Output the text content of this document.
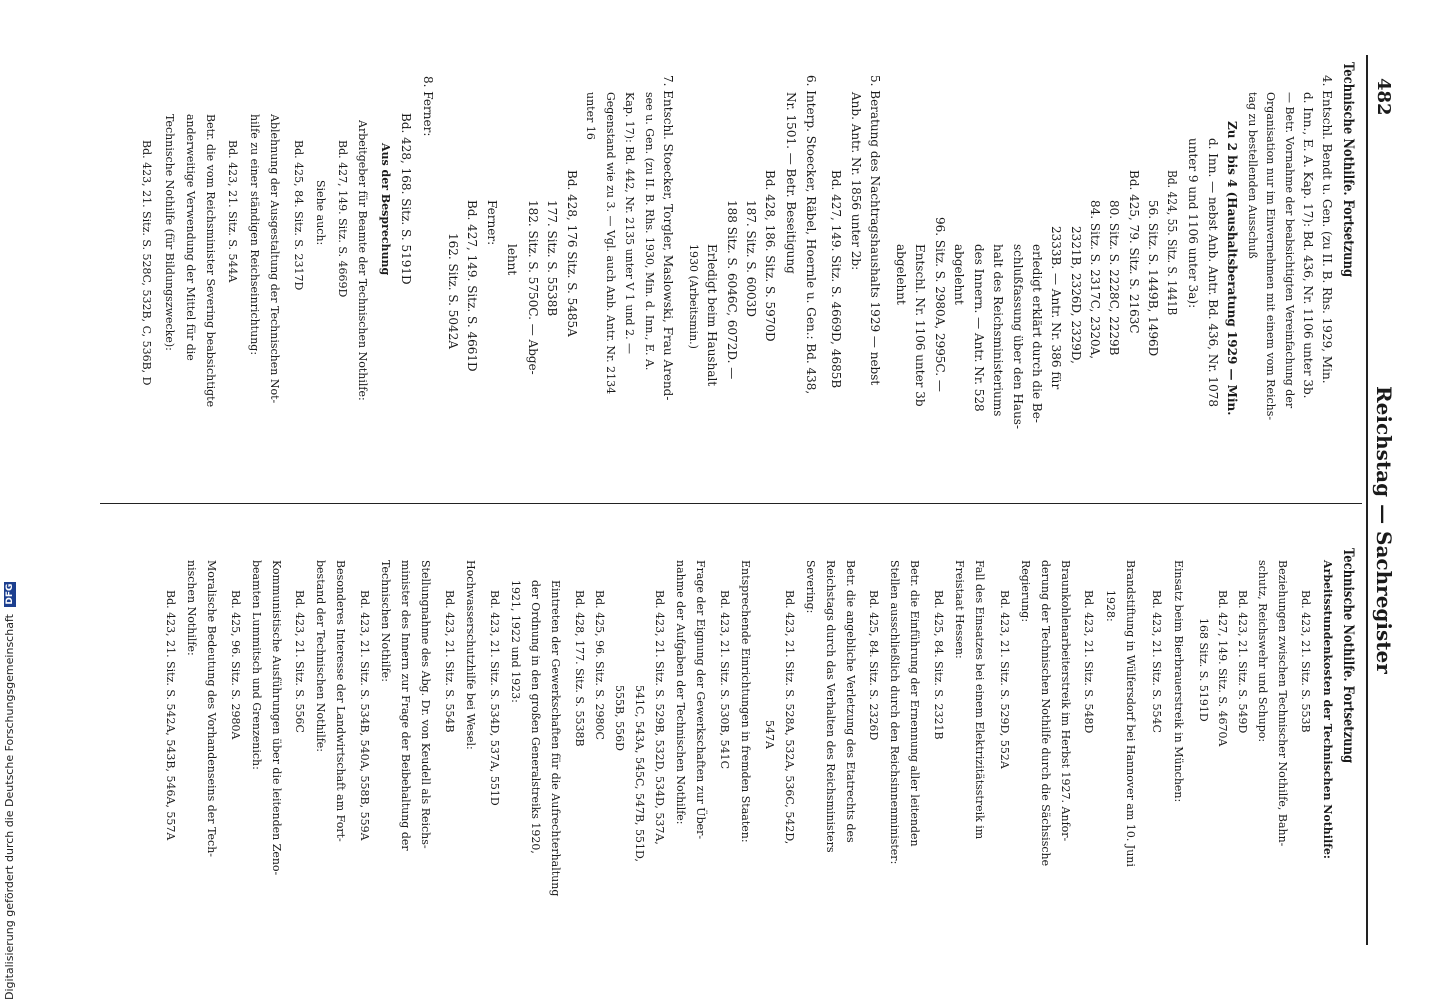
482
Reichstag — Sachregister
Technische Nothilfe. Fortsetzung
4. Entschl. Bendt u. Gen. (zu II. B. Rhs. 1929, Min.
d. Inn., E. A. Kap. 17): Bd. 436, Nr. 1106 unter 3b.
— Betr. Vornahme der beabsichtigten Vereinfachung der
Organisation nur im Einvernehmen mit einem vom Reichs-
tag zu bestellenden Ausschuß
Zu 2 bis 4 (Haushaltsberatung 1929 — Min.
d. Inn. — nebst Anb. Antr. Bd. 436, Nr. 1078
unter 9 und 1106 unter 3a):
Bd. 424, 55. Sitz. S. 1441B
56. Sitz. S. 1449B, 1496D
Bd. 425, 79. Sitz. S. 2163C
80. Sitz. S. 2228C, 2229B
84. Sitz. S. 2317C, 2320A,
2321B, 2326D, 2329D,
2333B. — Antr. Nr. 386 für
erledigt erklärt durch die Be-
schlußfassung über den Haus-
halt des Reichsministeriums
des Innern. — Antr. Nr. 528
abgelehnt
96. Sitz. S. 2980A, 2995C. —
Entschl. Nr. 1106 unter 3b
abgelehnt
5. Beratung des Nachtragshaushalts 1929 — nebst
Anb. Antr. Nr. 1856 unter 2b:
Bd. 427, 149. Sitz. S. 4669D, 4685B
6. Interp. Stoecker, Räbel, Hoernle u. Gen.: Bd. 438,
Nr. 1501. — Betr. Beseitigung
Bd. 428, 186. Sitz. S. 5970D
187. Sitz. S. 6003D
188 Sitz. S. 6046C, 6072D. —
Erledigt beim Haushalt
1930 (Arbeitsmin.)
7. Entschl. Stoecker, Torgler, Maslowski, Frau Arend-
see u. Gen. (zu II. B. Rhs. 1930, Min. d. Inn., E. A.
Kap. 17): Bd. 442, Nr. 2135 unter V 1 und 2. —
Gegenstand wie zu 3. — Vgl. auch Anb. Antr. Nr. 2134
unter 16
Bd. 428, 176 Sitz. S. 5485A
177. Sitz. S. 5538B
182. Sitz. S. 5750C. — Abge-
lehnt
Ferner:
Bd. 427, 149. Sitz. S. 4661D
162. Sitz. S. 5042A
8. Ferner:
Bd. 428, 168. Sitz. S. 5191D
Aus der Besprechung
Arbeitgeber für Beamte der Technischen Nothilfe:
Bd. 427, 149. Sitz. S. 4669D
Siehe auch:
Bd. 425, 84. Sitz. S. 2317D
Ablehnung der Ausgestaltung der Technischen Not-
hilfe zu einer ständigen Reichseinrichtung:
Bd. 423, 21. Sitz. S. 544A
Betr. die vom Reichsminister Severing beabsichtigte
anderweitige Verwendung der Mittel für die
Technische Nothilfe (für Bildungszwecke):
Bd. 423, 21. Sitz. S. 528C, 532B, C, 536B, D
Technische Nothilfe. Fortsetzung
Arbeitsstundenkosten der Technischen Nothilfe:
Bd. 423, 21. Sitz. S. 553B
Beziehungen zwischen Technischer Nothilfe, Bahn-
schutz, Reichswehr und Schupo:
Bd. 423, 21. Sitz. S. 549D
Bd. 427, 149. Sitz. S. 4670A
168 Sitz. S. 5191D
Einsatz beim Bierbrauerstreik in München:
Bd. 423, 21. Sitz. S. 554C
Brandstiftung in Wülfersdorf bei Hannover am 10. Juni
1928:
Bd. 423, 21. Sitz. S. 548D
Braunkohlenarbeiterstreik im Herbst 1927. Anfor-
derung der Technischen Nothilfe durch die Sächsische
Regierung:
Bd. 423, 21. Sitz. S. 529D, 552A
Fall des Einsatzes bei einem Elektrizitätsstreik im
Freistaat Hessen:
Bd. 425, 84. Sitz. S. 2321B
Betr. die Einführung der Ernennung aller leitenden
Stellen ausschließlich durch den Reichsinnenminister:
Bd. 425, 84. Sitz. S. 2326D
Betr. die angebliche Verletzung des Etatrechts des
Reichstags durch das Verhalten des Reichsministers
Severing:
Bd. 423, 21. Sitz. S. 528A, 532A, 536C, 542D,
547A
Entsprechende Einrichtungen in fremden Staaten:
Bd. 423, 21. Sitz. S. 530B, 541C
Frage der Eignung der Gewerkschaften zur Über-
nahme der Aufgaben der Technischen Nothilfe:
Bd. 423, 21. Sitz. S. 529B, 532D, 534D, 537A,
541C, 543A, 545C, 547B, 551D,
555B, 556D
Bd. 425, 96. Sitz. S. 2980C
Bd. 428, 177. Sitz. S. 5538B
Eintreten der Gewerkschaften für die Aufrechterhaltung
der Ordnung in den großen Generalstreiks 1920,
1921, 1922 und 1923:
Bd. 423, 21. Sitz. S. 534D, 537A, 551D
Hochwasserschutzhilfe bei Wesel:
Bd. 423, 21. Sitz. S. 554B
Stellungnahme des Abg. Dr. von Keudell als Reichs-
minister des Innern zur Frage der Beibehaltung der
Technischen Nothilfe:
Bd. 423, 21. Sitz. S. 534B, 540A, 558B, 559A
Besonderes Interesse der Landwirtschaft am Fort-
bestand der Technischen Nothilfe:
Bd. 423, 21. Sitz. S. 556C
Kommunistische Ausführungen über die leitenden Zeno-
beamten Lummitsch und Grenzenich:
Bd. 425, 96. Sitz. S. 2980A
Moralische Bedeutung des Vorhandenseins der Tech-
nischen Nothilfe:
Bd. 423, 21. Sitz. S. 542A, 543B, 546A, 557A
Digitalisierung gefördert durch die Deutsche Forschungsgemeinschaft DFG
